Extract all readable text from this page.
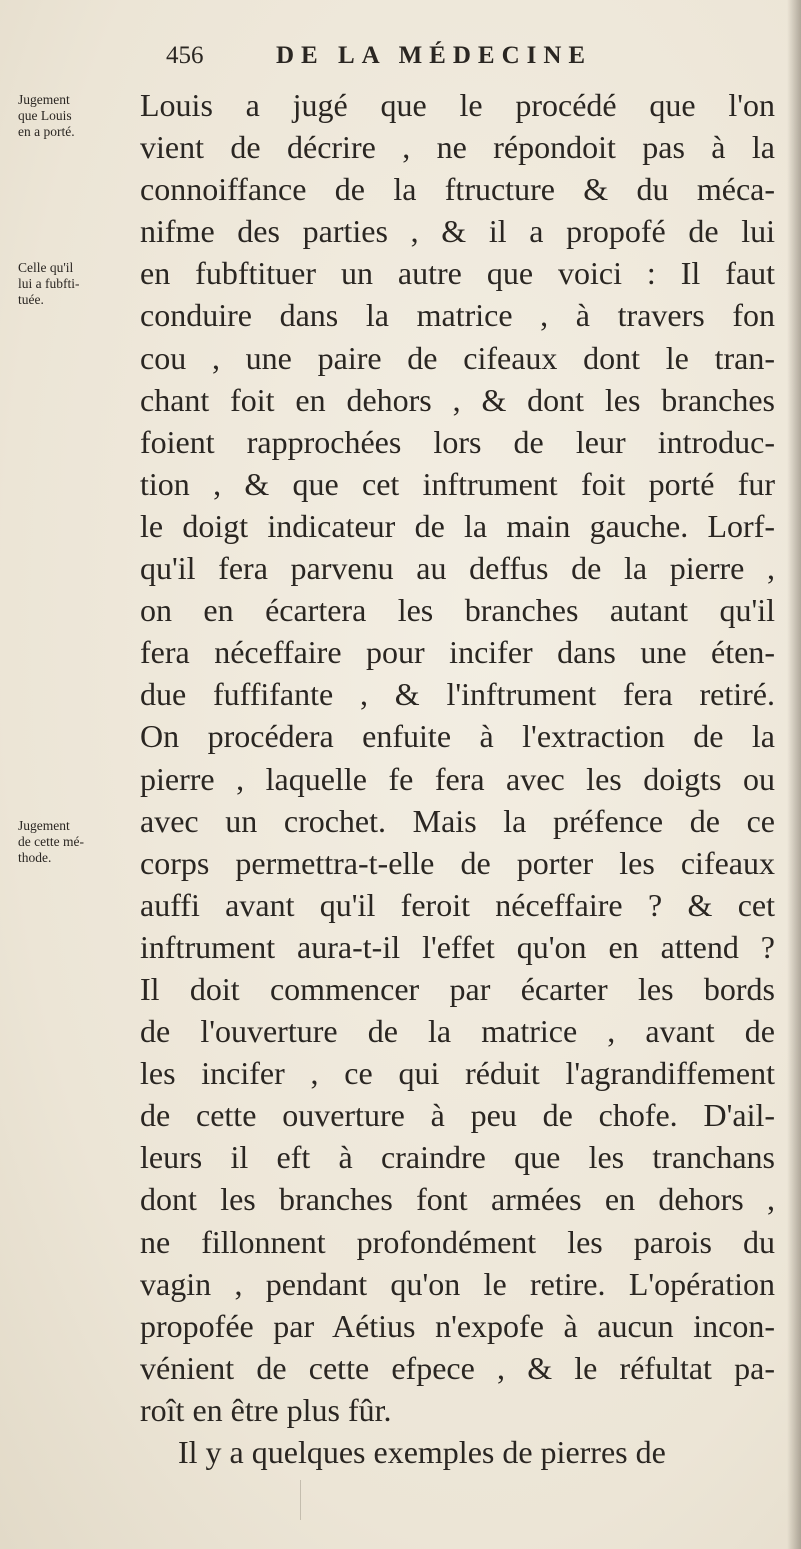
456	DE LA MÉDECINE
Jugement
que Louis
en a porté.
Celle qu'il
lui a fubfti-
tuée.
Jugement
de cette mé-
thode.
Louis a jugé que le procédé que l'on
vient de décrire , ne répondoit pas à la
connoiffance de la ftructure & du méca-
nifme des parties , & il a propofé de lui
en fubftituer un autre que voici : Il faut
conduire dans la matrice , à travers fon
cou , une paire de cifeaux dont le tran-
chant foit en dehors , & dont les branches
foient rapprochées lors de leur introduc-
tion , & que cet inftrument foit porté fur
le doigt indicateur de la main gauche. Lorf-
qu'il fera parvenu au deffus de la pierre ,
on en écartera les branches autant qu'il
fera néceffaire pour incifer dans une éten-
due fuffifante , & l'inftrument fera retiré.
On procédera enfuite à l'extraction de la
pierre , laquelle fe fera avec les doigts ou
avec un crochet. Mais la préfence de ce
corps permettra-t-elle de porter les cifeaux
auffi avant qu'il feroit néceffaire ? & cet
inftrument aura-t-il l'effet qu'on en attend ?
Il doit commencer par écarter les bords
de l'ouverture de la matrice , avant de
les incifer , ce qui réduit l'agrandiffement
de cette ouverture à peu de chofe. D'ail-
leurs il eft à craindre que les tranchans
dont les branches font armées en dehors ,
ne fillonnent profondément les parois du
vagin , pendant qu'on le retire. L'opération
propofée par Aétius n'expofe à aucun incon-
vénient de cette efpece , & le réfultat pa-
roît en être plus fûr.
Il y a quelques exemples de pierres de
